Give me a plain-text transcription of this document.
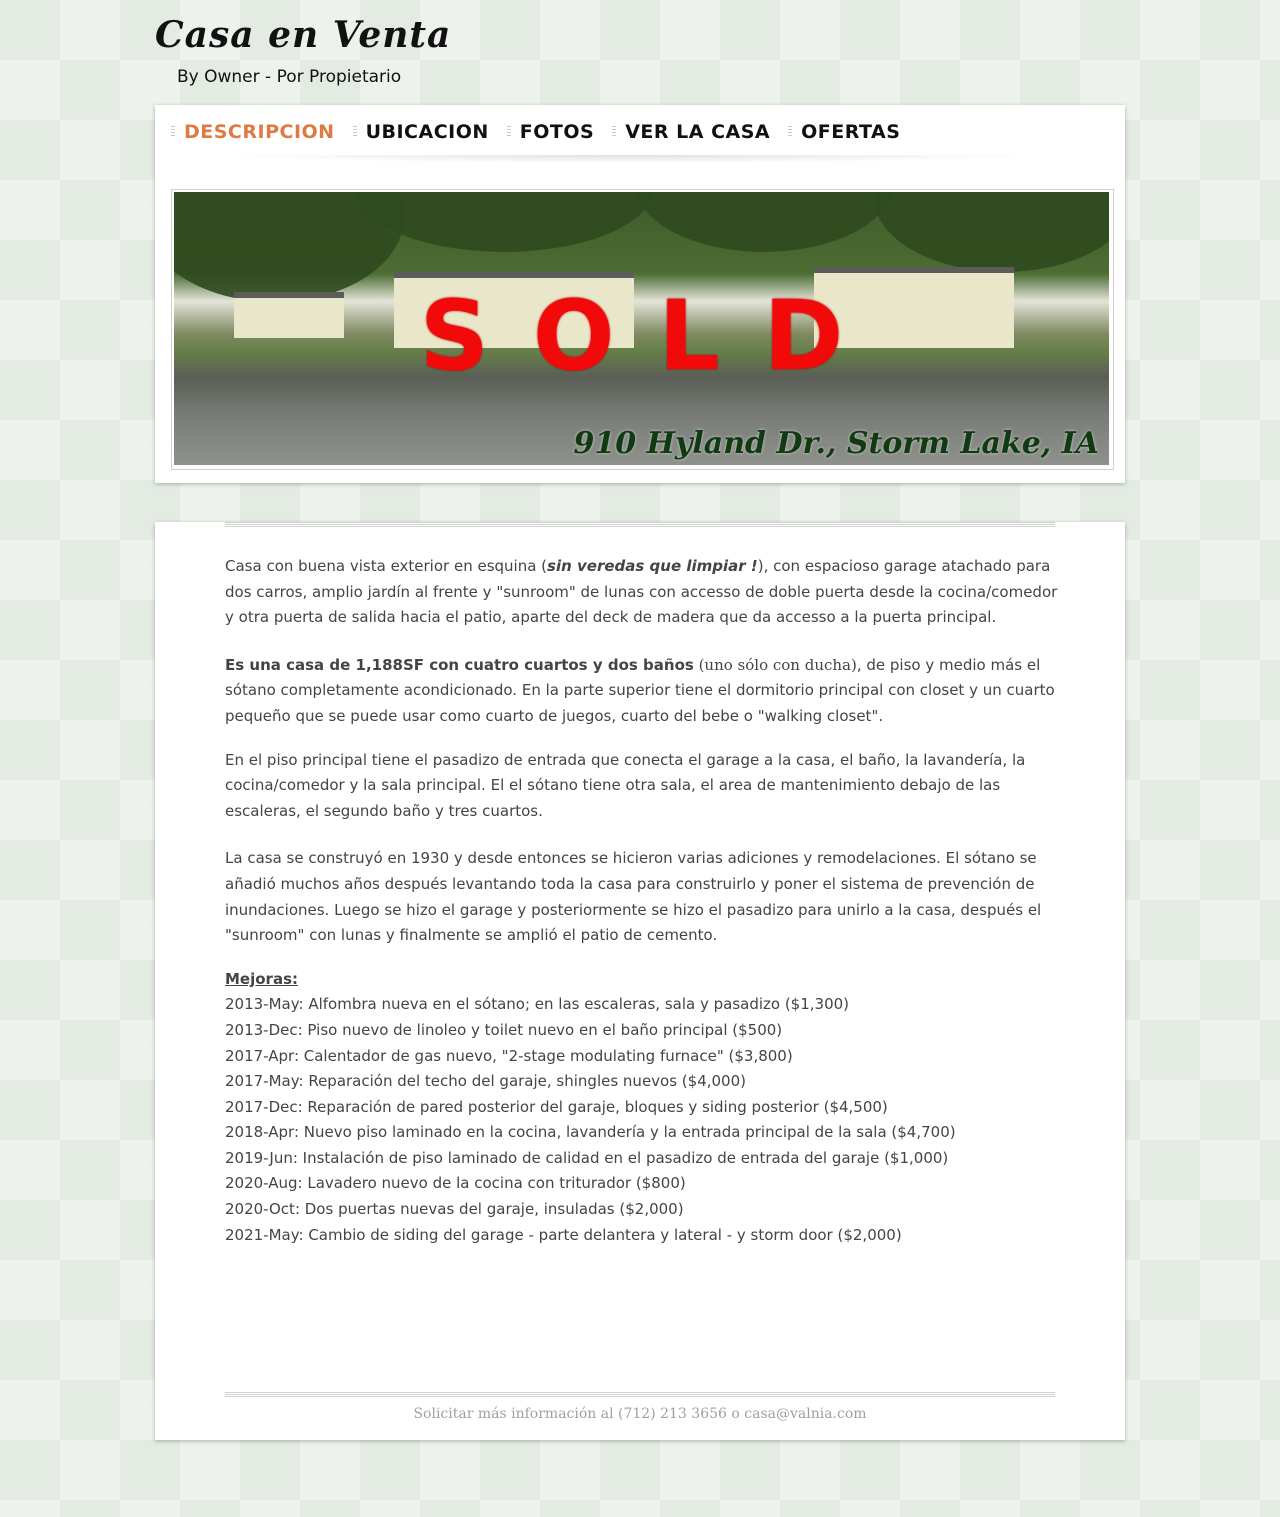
Casa en Venta

By Owner - Por Propietario

DESCRIPCION UBICACION FOTOS VER LA CASA OFERTAS
SOLD
910 Hyland Dr., Storm Lake, IA

Casa con buena vista exterior en esquina (sin veredas que limpiar !), con espacioso garage atachado para dos carros, amplio jardín al frente y "sunroom" de lunas con accesso de doble puerta desde la cocina/comedor y otra puerta de salida hacia el patio, aparte del deck de madera que da accesso a la puerta principal.

Es una casa de 1,188SF con cuatro cuartos y dos baños (uno sólo con ducha), de piso y medio más el sótano completamente acondicionado. En la parte superior tiene el dormitorio principal con closet y un cuarto pequeño que se puede usar como cuarto de juegos, cuarto del bebe o "walking closet".

En el piso principal tiene el pasadizo de entrada que conecta el garage a la casa, el baño, la lavandería, la cocina/comedor y la sala principal. El el sótano tiene otra sala, el area de mantenimiento debajo de las escaleras, el segundo baño y tres cuartos.

La casa se construyó en 1930 y desde entonces se hicieron varias adiciones y remodelaciones. El sótano se añadió muchos años después levantando toda la casa para construirlo y poner el sistema de prevención de inundaciones. Luego se hizo el garage y posteriormente se hizo el pasadizo para unirlo a la casa, después el "sunroom" con lunas y finalmente se amplió el patio de cemento.

Mejoras:
2013-May: Alfombra nueva en el sótano; en las escaleras, sala y pasadizo ($1,300)
2013-Dec: Piso nuevo de linoleo y toilet nuevo en el baño principal ($500)
2017-Apr: Calentador de gas nuevo, "2-stage modulating furnace" ($3,800)
2017-May: Reparación del techo del garaje, shingles nuevos ($4,000)
2017-Dec: Reparación de pared posterior del garaje, bloques y siding posterior ($4,500)
2018-Apr: Nuevo piso laminado en la cocina, lavandería y la entrada principal de la sala ($4,700)
2019-Jun: Instalación de piso laminado de calidad en el pasadizo de entrada del garaje ($1,000)
2020-Aug: Lavadero nuevo de la cocina con triturador ($800)
2020-Oct: Dos puertas nuevas del garaje, insuladas ($2,000)
2021-May: Cambio de siding del garage - parte delantera y lateral - y storm door ($2,000)
Solicitar más información al (712) 213 3656 o casa@valnia.com
